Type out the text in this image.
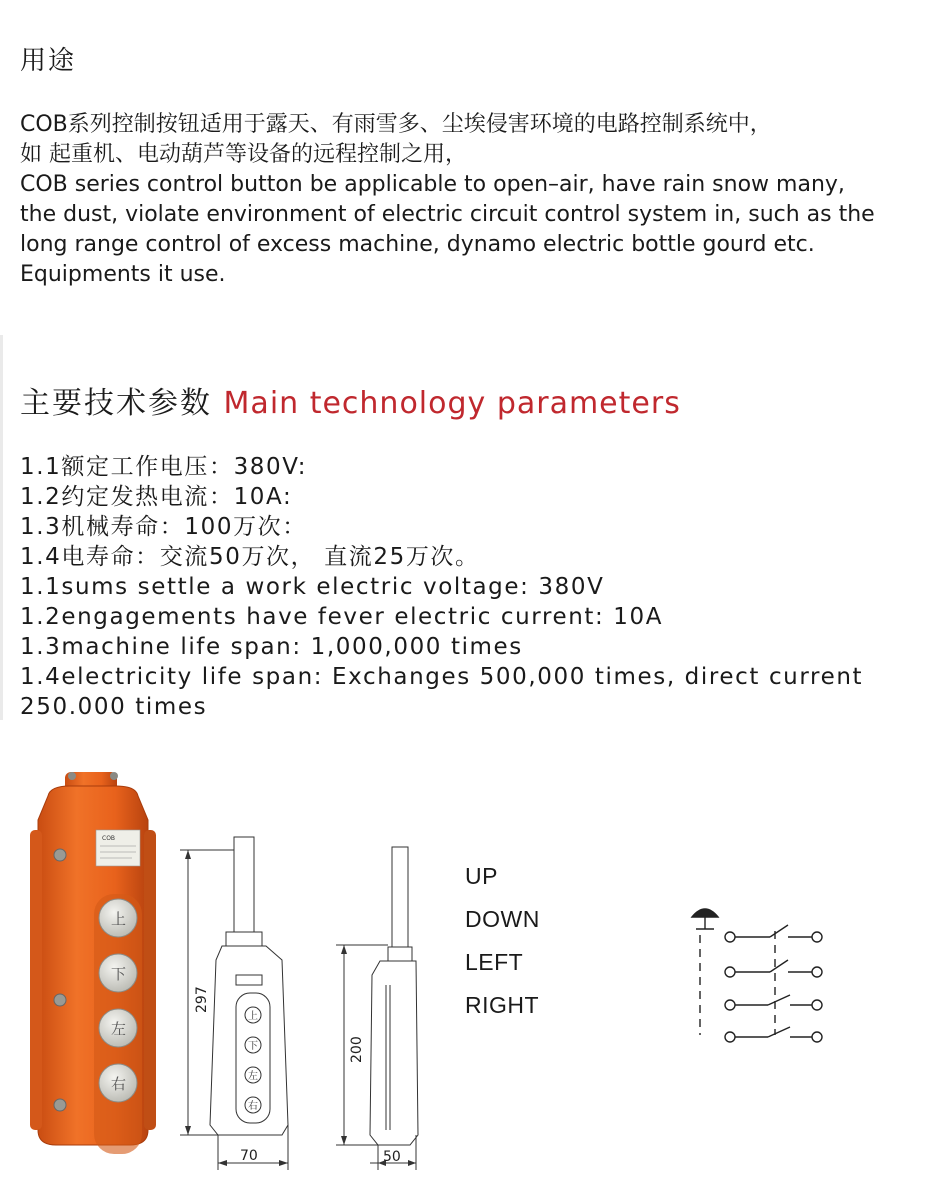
用途

COB系列控制按钮适用于露天、有雨雪多、尘埃侵害环境的电路控制系统中，

如 起重机、电动葫芦等设备的远程控制之用，

COB series control button be applicable to open–air, have rain snow many,

the dust, violate environment of electric circuit control system in, such as the

long range control of excess machine, dynamo electric bottle gourd etc.

Equipments it use.

主要技术参数 Main technology parameters
1.1额定工作电压：380V:
1.2约定发热电流：10A:
1.3机械寿命：100万次：
1.4电寿命：交流50万次， 直流25万次。
1.1sums settle a work electric voltage: 380V
1.2engagements have fever electric current: 10A
1.3machine life span: 1,000,000 times
1.4electricity life span: Exchanges 500,000 times, direct current
250.000 times
COB
上
下
左
右
297
70
上
下
左
右
200
50
UP
DOWN
LEFT
RIGHT
